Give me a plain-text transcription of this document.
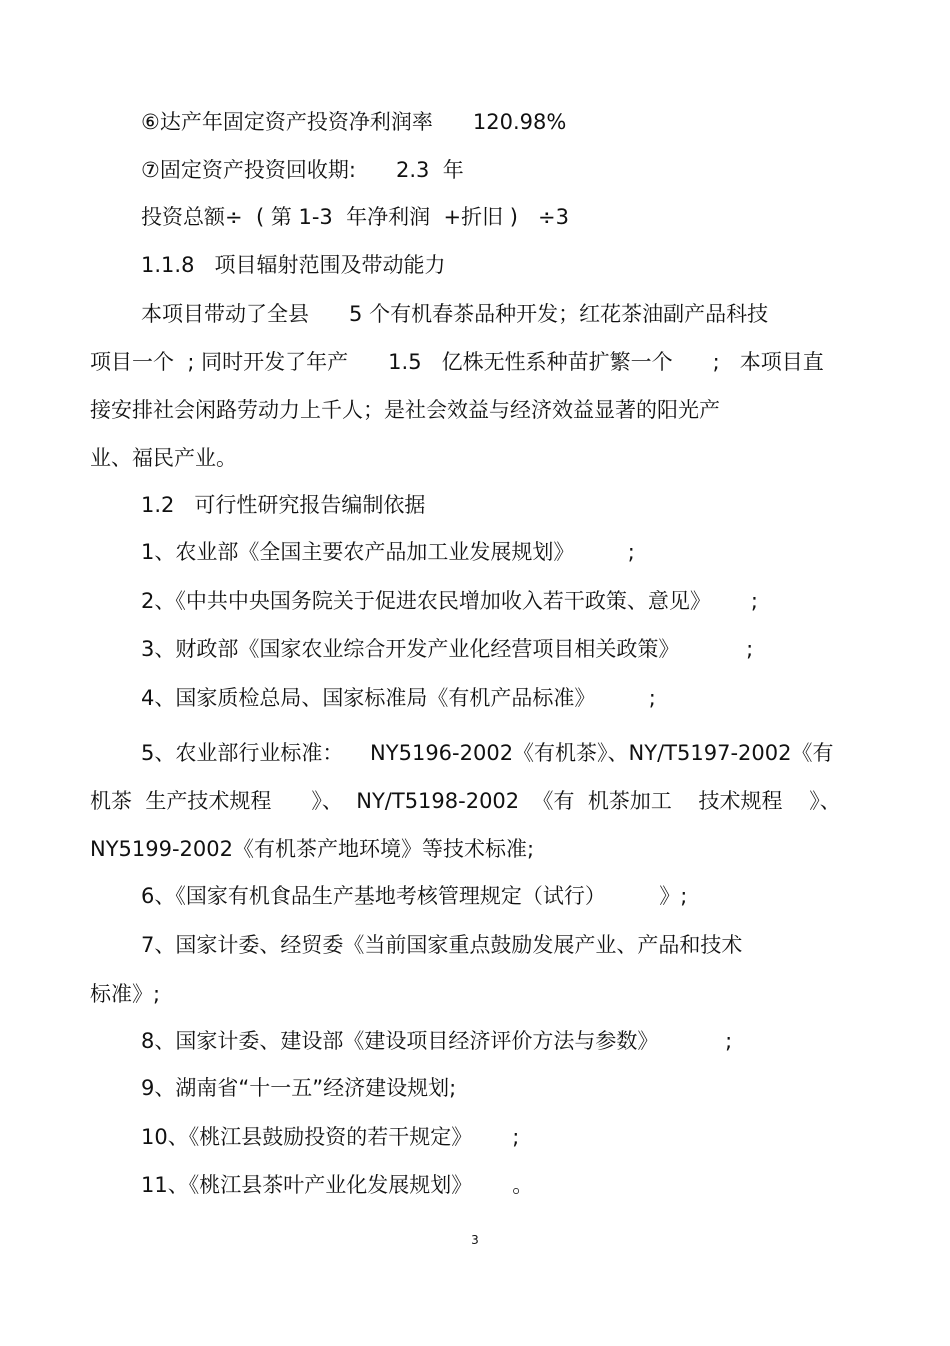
⑥达产年固定资产投资净利润率      120.98%
⑦固定资产投资回收期:      2.3  年
投资总额÷  ( 第 1-3  年净利润  +折旧 )   ÷3
1.1.8   项目辐射范围及带动能力
本项目带动了全县      5 个有机春茶品种开发；红花茶油副产品科技
项目一个  ; 同时开发了年产      1.5   亿株无性系种苗扩繁一个      ;   本项目直
接安排社会闲路劳动力上千人；是社会效益与经济效益显著的阳光产
业、福民产业。
1.2   可行性研究报告编制依据
1、农业部《全国主要农产品加工业发展规划》        ;
2、《中共中央国务院关于促进农民增加收入若干政策、意见》      ;
3、财政部《国家农业综合开发产业化经营项目相关政策》          ;
4、国家质检总局、国家标准局《有机产品标准》        ;
5、农业部行业标准：    NY5196-2002《有机茶》、NY/T5197-2002《有
机茶  生产技术规程      》、  NY/T5198-2002  《有  机茶加工    技术规程    》、
NY5199-2002《有机茶产地环境》等技术标准;
6、《国家有机食品生产基地考核管理规定（试行）        》;
7、国家计委、经贸委《当前国家重点鼓励发展产业、产品和技术
标准》;
8、国家计委、建设部《建设项目经济评价方法与参数》          ;
9、湖南省“十一五”经济建设规划;
10、《桃江县鼓励投资的若干规定》      ;
11、《桃江县茶叶产业化发展规划》      。
3
